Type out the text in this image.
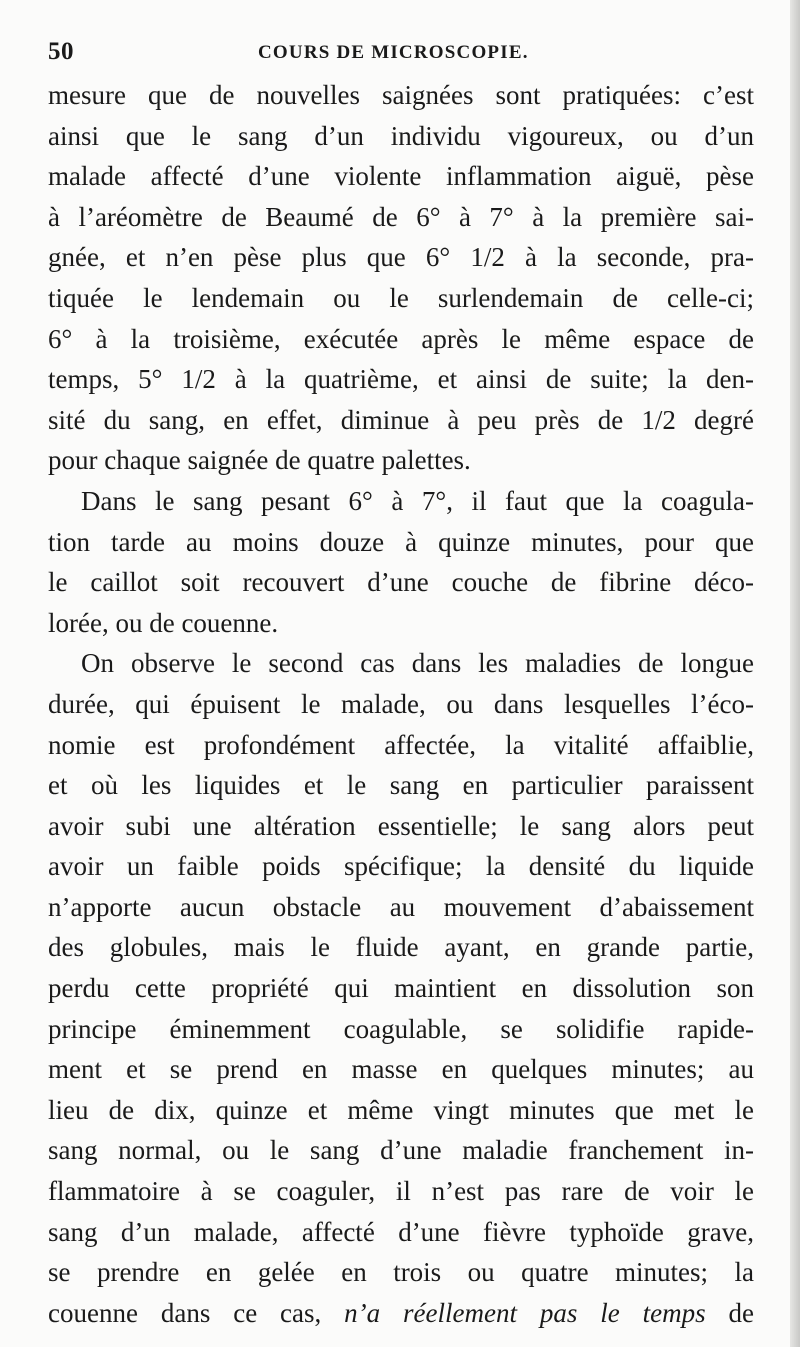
50	COURS DE MICROSCOPIE.
mesure que de nouvelles saignées sont pratiquées: c’est
ainsi que le sang d’un individu vigoureux, ou d’un
malade affecté d’une violente inflammation aiguë, pèse
à l’aréomètre de Beaumé de 6° à 7° à la première sai-
gnée, et n’en pèse plus que 6° 1/2 à la seconde, pra-
tiquée le lendemain ou le surlendemain de celle-ci;
6° à la troisième, exécutée après le même espace de
temps, 5° 1/2 à la quatrième, et ainsi de suite; la den-
sité du sang, en effet, diminue à peu près de 1/2 degré
pour chaque saignée de quatre palettes.
Dans le sang pesant 6° à 7°, il faut que la coagula-
tion tarde au moins douze à quinze minutes, pour que
le caillot soit recouvert d’une couche de fibrine déco-
lorée, ou de couenne.
On observe le second cas dans les maladies de longue
durée, qui épuisent le malade, ou dans lesquelles l’éco-
nomie est profondément affectée, la vitalité affaiblie,
et où les liquides et le sang en particulier paraissent
avoir subi une altération essentielle; le sang alors peut
avoir un faible poids spécifique; la densité du liquide
n’apporte aucun obstacle au mouvement d’abaissement
des globules, mais le fluide ayant, en grande partie,
perdu cette propriété qui maintient en dissolution son
principe éminemment coagulable, se solidifie rapide-
ment et se prend en masse en quelques minutes; au
lieu de dix, quinze et même vingt minutes que met le
sang normal, ou le sang d’une maladie franchement in-
flammatoire à se coaguler, il n’est pas rare de voir le
sang d’un malade, affecté d’une fièvre typhoïde grave,
se prendre en gelée en trois ou quatre minutes; la
couenne dans ce cas, n’a réellement pas le temps de
